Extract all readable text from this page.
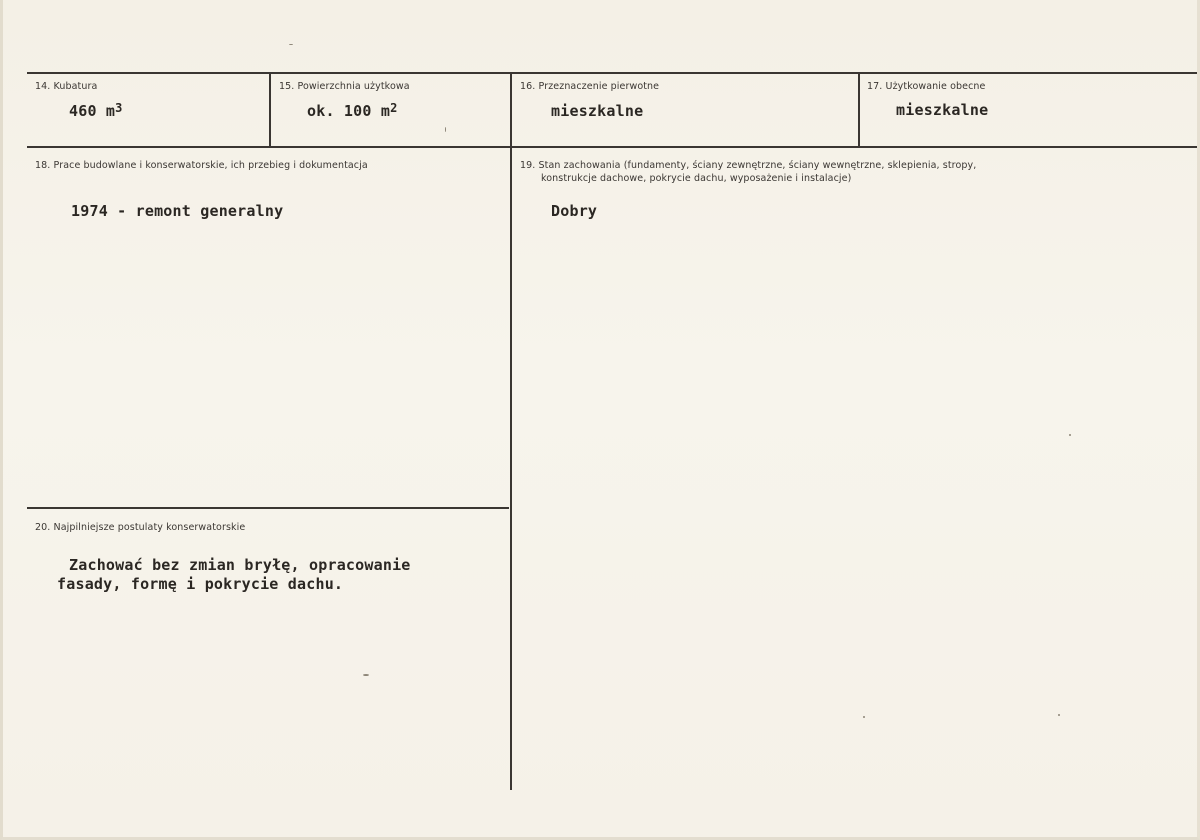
14. Kubatura
460 $m^3$
15. Powierzchnia użytkowa
ok. 100 $m^2$
16. Przeznaczenie pierwotne
mieszkalne
17. Użytkowanie obecne
mieszkalne
18. Prace budowlane i konserwatorskie, ich przebieg i dokumentacja
1974 - remont generalny
19. Stan zachowania (fundamenty, ściany zewnętrzne, ściany wewnętrzne, sklepienia, stropy,
konstrukcje dachowe, pokrycie dachu, wyposażenie i instalacje)
Dobry
20. Najpilniejsze postulaty konserwatorskie
Zachować bez zmian bryłę, opracowanie
fasady, formę i pokrycie dachu.
